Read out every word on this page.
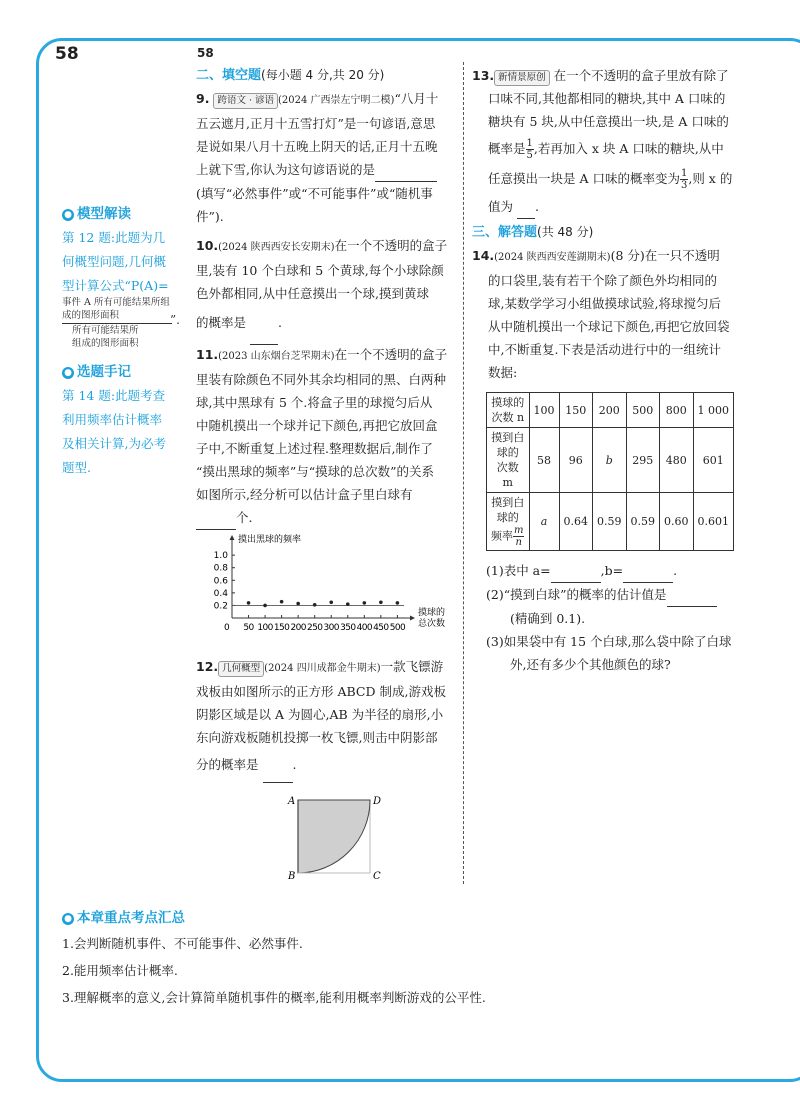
58	58
● 模型解读
第 12 题:此题为几
何概型问题,几何概
型计算公式“P(A)=
事件 A 所有可能结果所组成的图形面积
所有可能结果所
组成的图形面积
”.
● 选题手记
第 14 题:此题考查
利用频率估计概率
及相关计算,为必考
题型.
二、填空题(每小题 4 分,共 20 分)
9. 跨语文 · 谚语 (2024 广西崇左宁明二模)“八月十
五云遮月,正月十五雪打灯”是一句谚语,意思
是说如果八月十五晚上阴天的话,正月十五晚
上就下雪,你认为这句谚语说的是
(填写“必然事件”或“不可能事件”或“随机事
件”).
10.(2024 陕西西安长安期末)在一个不透明的盒子
里,装有 10 个白球和 5 个黄球,每个小球除颜
色外都相同,从中任意摸出一个球,摸到黄球
的概率是	.
11.(2023 山东烟台芝罘期末)在一个不透明的盒子
里装有除颜色不同外其余均相同的黑、白两种
球,其中黑球有 5 个.将盒子里的球搅匀后从
中随机摸出一个球并记下颜色,再把它放回盒
子中,不断重复上述过程.整理数据后,制作了
“摸出黑球的频率”与“摸球的总次数”的关系
如图所示,经分析可以估计盒子里白球有
个.
摸出黑球的频率
摸球的
总次数
0
0.2
0.4
0.6
0.8
1.0
50 100 150 200 250 300 350 400 450 500
12. 几何概型 (2024 四川成都金牛期末)一款飞镖游
戏板由如图所示的正方形 ABCD 制成,游戏板
阴影区域是以 A 为圆心,AB 为半径的扇形,小
东向游戏板随机投掷一枚飞镖,则击中阴影部
分的概率是	.
A	D
B	C
13. 新情景原创 在一个不透明的盒子里放有除了
口味不同,其他都相同的糖块,其中 A 口味的
糖块有 5 块,从中任意摸出一块,是 A 口味的
概率是 $\frac{1}{5}$ ,若再加入 x 块 A 口味的糖块,从中
任意摸出一块是 A 口味的概率变为 $\frac{1}{3}$ ,则 x 的
值为 .
三、解答题(共 48 分)
14.(2024 陕西西安莲湖期末)(8 分)在一只不透明
的口袋里,装有若干个除了颜色外均相同的
球,某数学学习小组做摸球试验,将球搅匀后
从中随机摸出一个球记下颜色,再把它放回袋
中,不断重复.下表是活动进行中的一组统计
数据:
摸球的次数 n	100	150	200	500	800	1 000

摸到白球的
次数 m	58	96	b	295	480	601

摸到白球的
频率 $\frac{m}{n}$	a	0.64	0.59	0.59	0.60	0.601
(1)表中 a=	,b=	.
(2)“摸到白球”的概率的估计值是
(精确到 0.1).
(3)如果袋中有 15 个白球,那么袋中除了白球
外,还有多少个其他颜色的球?
● 本章重点考点汇总
1.会判断随机事件、不可能事件、必然事件.
2.能用频率估计概率.
3.理解概率的意义,会计算简单随机事件的概率,能利用概率判断游戏的公平性.
